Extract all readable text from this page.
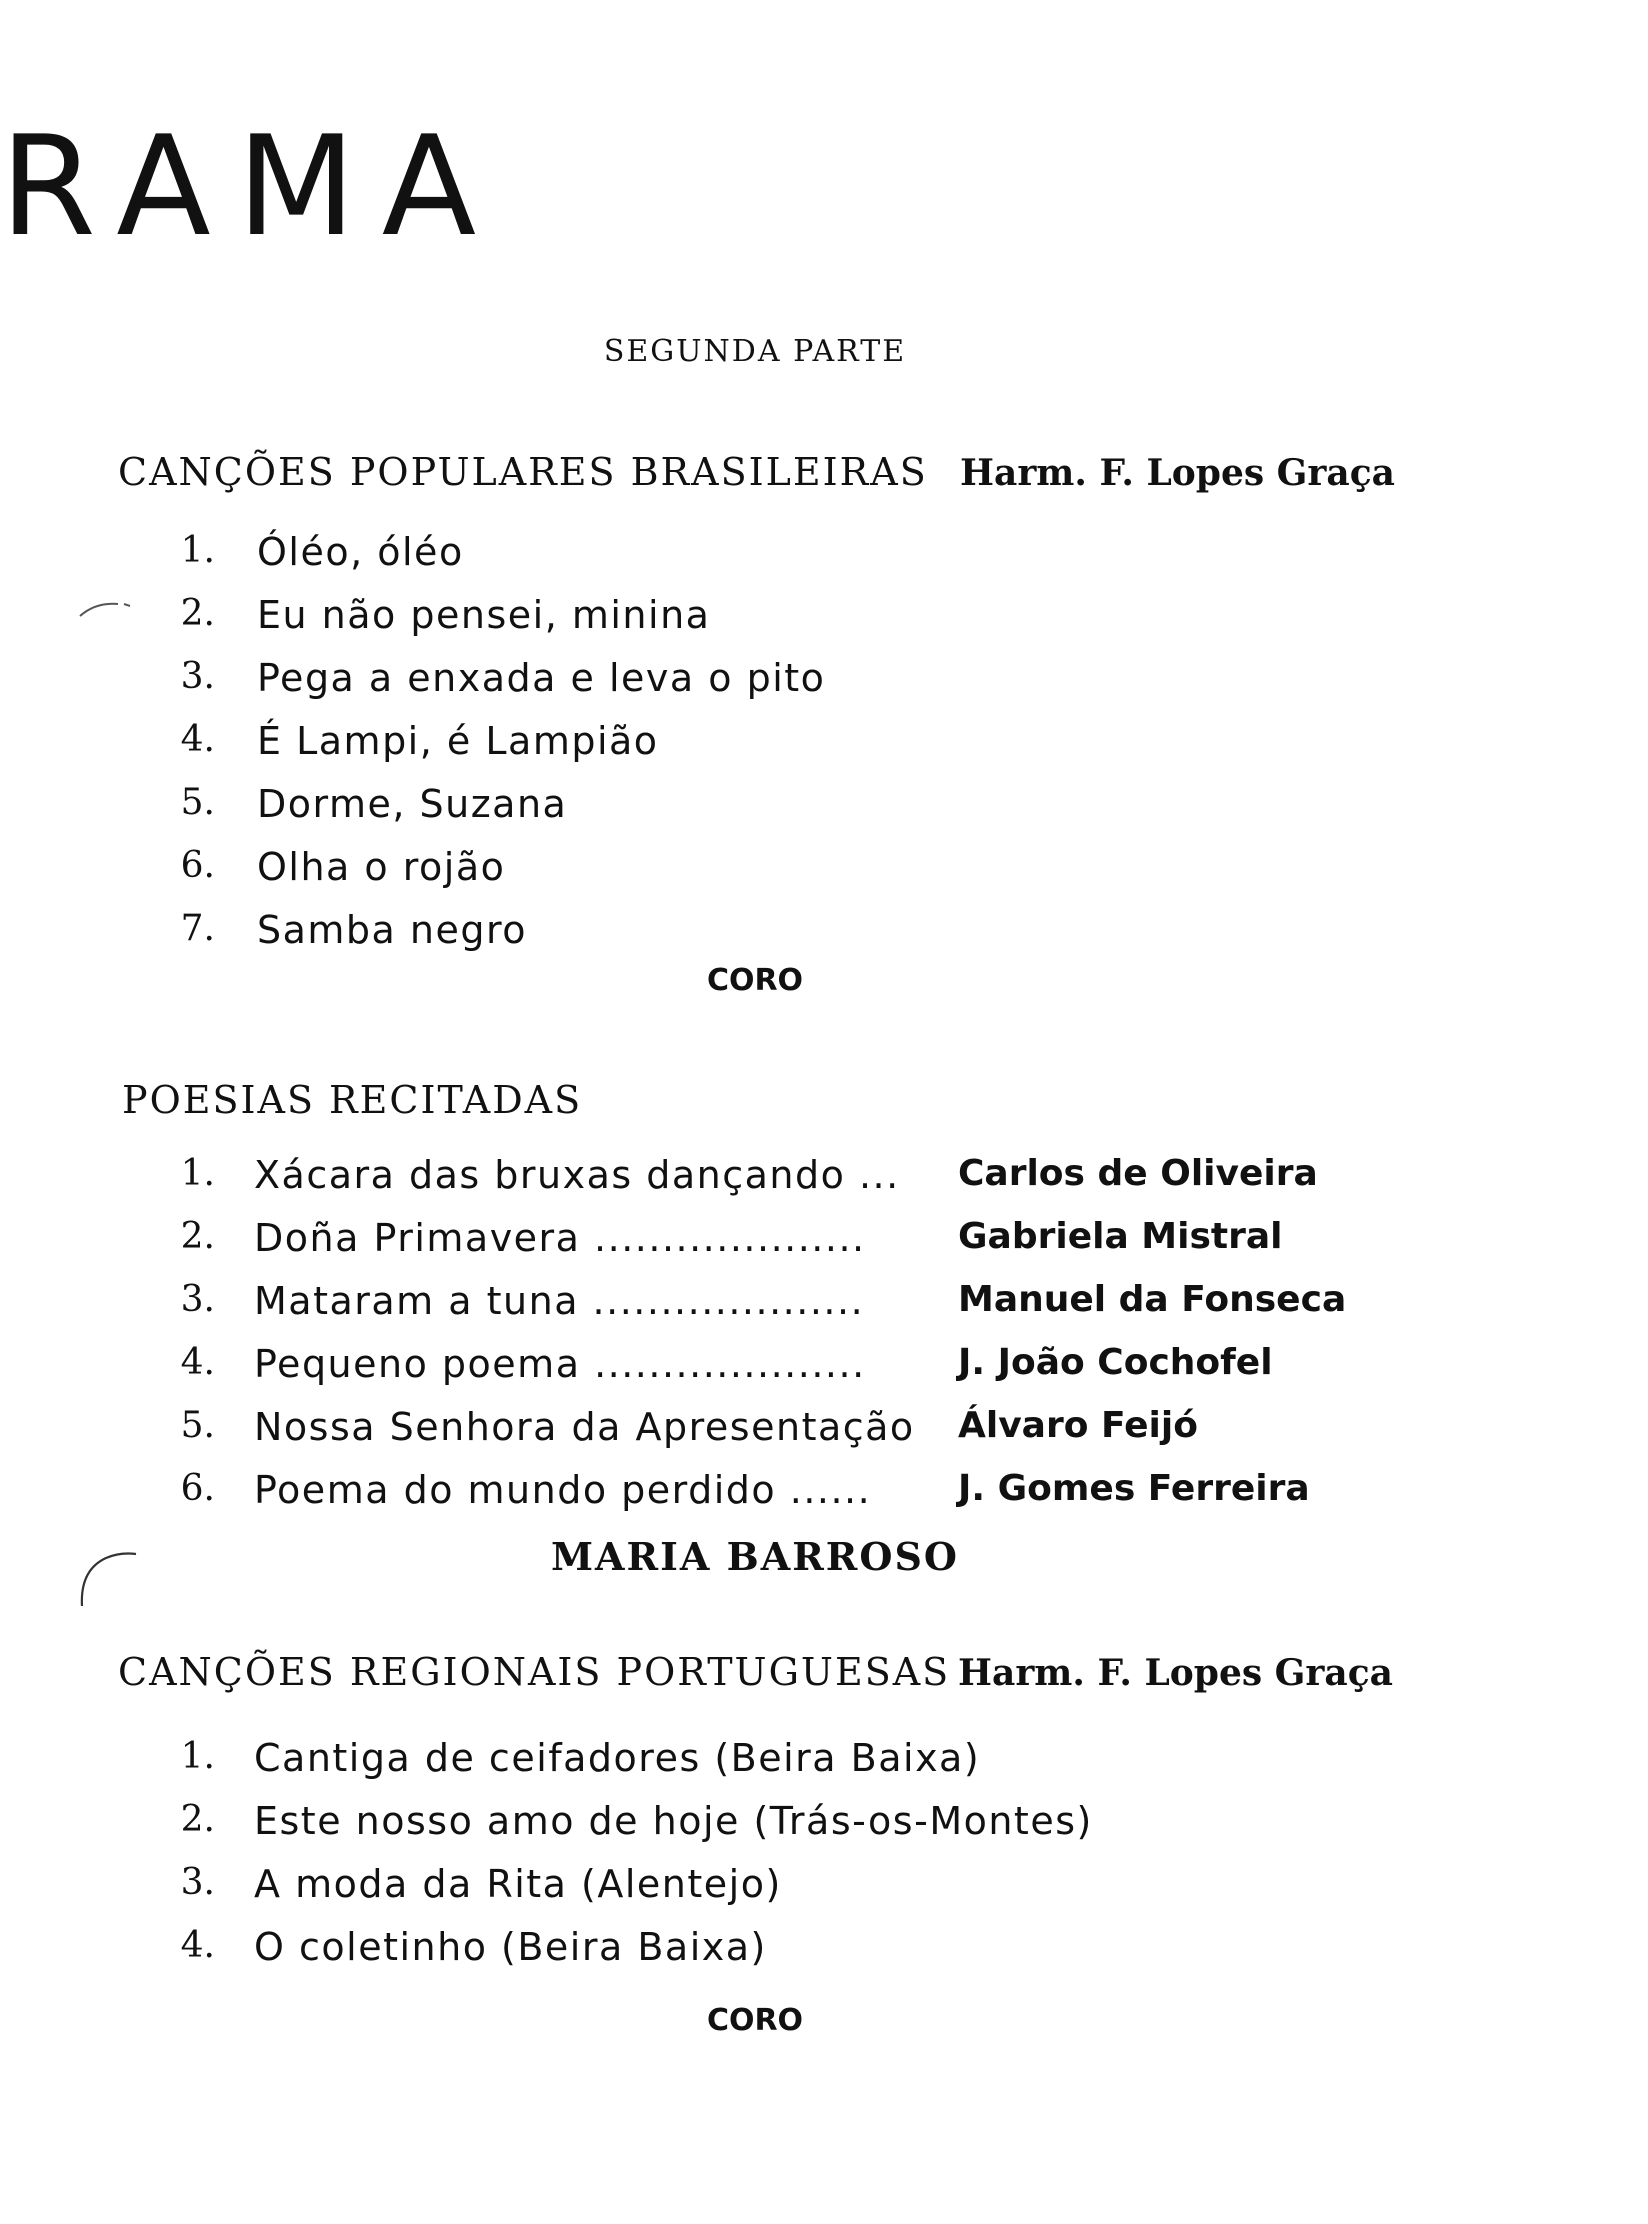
RAMA
SEGUNDA PARTE
CANÇÕES POPULARES BRASILEIRAS Harm. F. Lopes Graça
1. Óléo, óléo
2. Eu não pensei, minina
3. Pega a enxada e leva o pito
4. É Lampi, é Lampião
5. Dorme, Suzana
6. Olha o rojão
7. Samba negro
CORO
POESIAS RECITADAS
1. Xácara das bruxas dançando ... Carlos de Oliveira
2. Doña Primavera ....................	Gabriela Mistral
3. Mataram a tuna ....................	Manuel da Fonseca
4. Pequeno poema ....................	J. João Cochofel
5. Nossa Senhora da Apresentação Álvaro Feijó
6. Poema do mundo perdido ...... J. Gomes Ferreira
MARIA BARROSO
CANÇÕES REGIONAIS PORTUGUESAS Harm. F. Lopes Graça
1. Cantiga de ceifadores (Beira Baixa)
2. Este nosso amo de hoje (Trás-os-Montes)
3. A moda da Rita (Alentejo)
4. O coletinho (Beira Baixa)
CORO
